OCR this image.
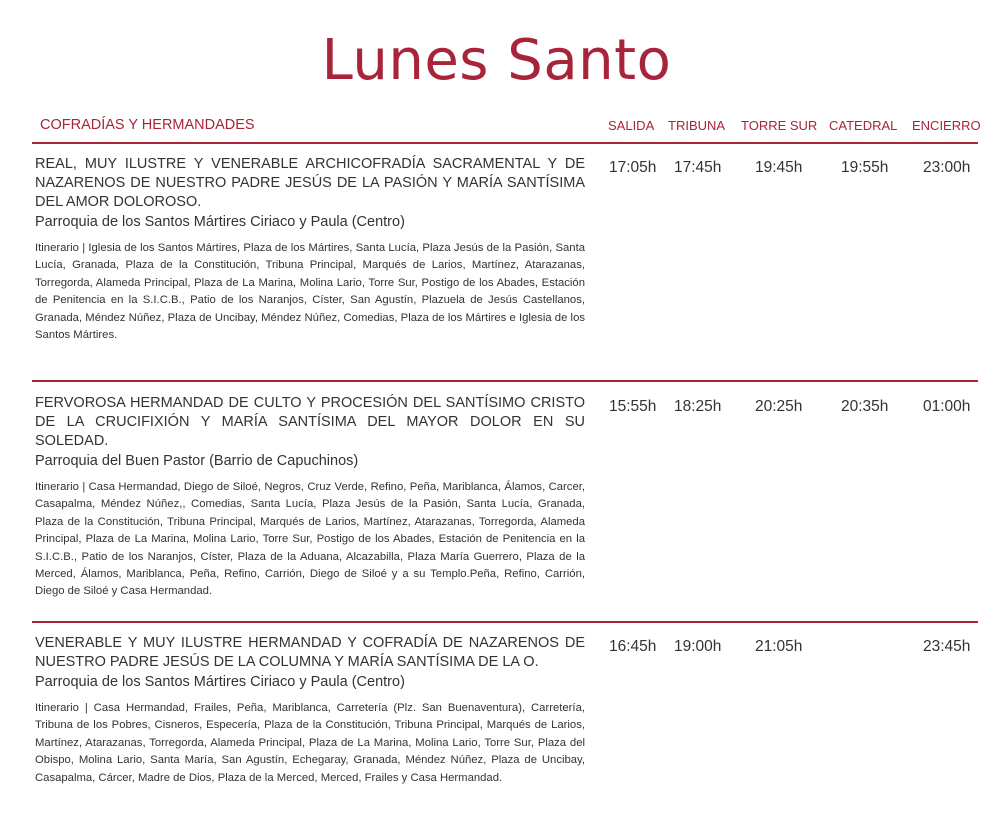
Lunes Santo
COFRADÍAS Y HERMANDADES	SALIDA TRIBUNA TORRE SUR CATEDRAL ENCIERRO
REAL, MUY ILUSTRE Y VENERABLE ARCHICOFRADÍA SACRAMENTAL Y DE NAZARENOS DE NUESTRO PADRE JESÚS DE LA PASIÓN Y MARÍA SANTÍSIMA DEL AMOR DOLOROSO.
Parroquia de los Santos Mártires Ciriaco y Paula (Centro)
Itinerario | Iglesia de los Santos Mártires, Plaza de los Mártires, Santa Lucía, Plaza Jesús de la Pasión, Santa Lucía, Granada, Plaza de la Constitución, Tribuna Principal, Marqués de Larios, Martínez, Atarazanas, Torregorda, Alameda Principal, Plaza de La Marina, Molina Lario, Torre Sur, Postigo de los Abades, Estación de Penitencia en la S.I.C.B., Patio de los Naranjos, Císter, San Agustín, Plazuela de Jesús Castellanos, Granada, Méndez Núñez, Plaza de Uncibay, Méndez Núñez, Comedias, Plaza de los Mártires e Iglesia de los Santos Mártires.
17:05h 17:45h 19:45h 19:55h 23:00h
FERVOROSA HERMANDAD DE CULTO Y PROCESIÓN DEL SANTÍSIMO CRISTO DE LA CRUCIFIXIÓN Y MARÍA SANTÍSIMA DEL MAYOR DOLOR EN SU SOLEDAD.
Parroquia del Buen Pastor (Barrio de Capuchinos)
Itinerario | Casa Hermandad, Diego de Siloé, Negros, Cruz Verde, Refino, Peña, Mariblanca, Álamos, Carcer, Casapalma, Méndez Núñez,, Comedias, Santa Lucía, Plaza Jesús de la Pasión, Santa Lucía, Granada, Plaza de la Constitución, Tribuna Principal, Marqués de Larios, Martínez, Atarazanas, Torregorda, Alameda Principal, Plaza de La Marina, Molina Lario, Torre Sur, Postigo de los Abades, Estación de Penitencia en la S.I.C.B., Patio de los Naranjos, Císter, Plaza de la Aduana, Alcazabilla, Plaza María Guerrero, Plaza de la Merced, Álamos, Mariblanca, Peña, Refino, Carrión, Diego de Siloé y a su Templo.Peña, Refino, Carrión, Diego de Siloé y Casa Hermandad.
15:55h 18:25h 20:25h 20:35h 01:00h
VENERABLE Y MUY ILUSTRE HERMANDAD Y COFRADÍA DE NAZARENOS DE NUESTRO PADRE JESÚS DE LA COLUMNA Y MARÍA SANTÍSIMA DE LA O.
Parroquia de los Santos Mártires Ciriaco y Paula (Centro)
Itinerario | Casa Hermandad, Frailes, Peña, Mariblanca, Carretería (Plz. San Buenaventura), Carretería, Tribuna de los Pobres, Cisneros, Especería, Plaza de la Constitución, Tribuna Principal, Marqués de Larios, Martínez, Atarazanas, Torregorda, Alameda Principal, Plaza de La Marina, Molina Lario, Torre Sur, Plaza del Obispo, Molina Lario, Santa María, San Agustín, Echegaray, Granada, Méndez Núñez, Plaza de Uncibay, Casapalma, Cárcer, Madre de Dios, Plaza de la Merced, Merced, Frailes y Casa Hermandad.
16:45h 19:00h 21:05h	23:45h
